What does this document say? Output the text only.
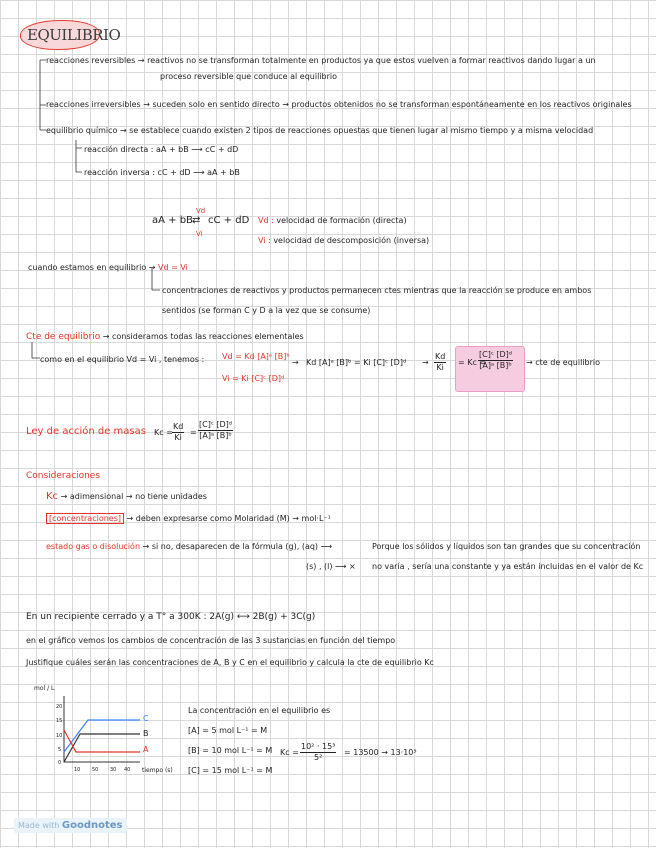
EQUILIBRIO
reacciones reversibles → reactivos no se transforman totalmente en productos ya que estos vuelven a formar reactivos dando lugar a un
proceso reversible que conduce al equilibrio
reacciones irreversibles → suceden solo en sentido directo → productos obtenidos no se transforman espontáneamente en los reactivos originales
equilibrio químico → se establece cuando existen 2 tipos de reacciones opuestas que tienen lugar al mismo tiempo y a misma velocidad
reacción directa : aA + bB ⟶ cC + dD
reacción inversa : cC + dD ⟶ aA + bB
aA + bB
Vd
⇄
Vi
cC + dD Vd : velocidad de formación (directa)
Vi : velocidad de descomposición (inversa)
cuando estamos en equilibrio → Vd = Vi
concentraciones de reactivos y productos permanecen ctes mientras que la reacción se produce en ambos
sentidos (se forman C y D a la vez que se consume)
Cte de equilibrio → consideramos todas las reacciones elementales
como en el equilibrio Vd = Vi , tenemos : Vd = Kd [A]ᵃ [B]ᵇ
Vi = Ki [C]ᶜ [D]ᵈ
→ Kd [A]ᵃ [B]ᵇ = Ki [C]ᶜ [D]ᵈ → $\frac{Kd}{Ki} = Kc$ =
$\frac{\text{[C]ᶜ [D]ᵈ}}{\text{[A]ᵃ [B]ᵇ}}$ → cte de equilibrio
Ley de acción de masas $Kc = \frac{Kd}{Ki} = \frac{\text{[C]ᶜ [D]ᵈ}}{\text{[A]ᵃ [B]ᵇ}}$
Consideraciones
Kc → adimensional → no tiene unidades
[concentraciones] → deben expresarse como Molaridad (M) → mol·L⁻¹
estado gas o disolución → si no, desaparecen de la fórmula (g), (aq) ⟶
(s) , (l) ⟶ ×
Porque los sólidos y líquidos son tan grandes que su concentración
no varía , sería una constante y ya están incluidas en el valor de Kc
En un recipiente cerrado y a T° a 300K : 2A(g) ⟷ 2B(g) + 3C(g)
en el gráfico vemos los cambios de concentración de las 3 sustancias en función del tiempo
Justifique cuáles serán las concentraciones de A, B y C en el equilibrio y calcula la cte de equilibrio Kc
mol / L
20
15
10
5
0
10 50 30 40 tiempo (s)
C
B
A
La concentración en el equilibrio es
[A] = 5 mol L⁻¹ = M
[B] = 10 mol L⁻¹ = M
[C] = 15 mol L⁻¹ = M
$Kc = \frac{\text{10² · 15³}}{\text{5²}} = 13500 \to 13\cdot 10^3$
Made with Goodnotes
